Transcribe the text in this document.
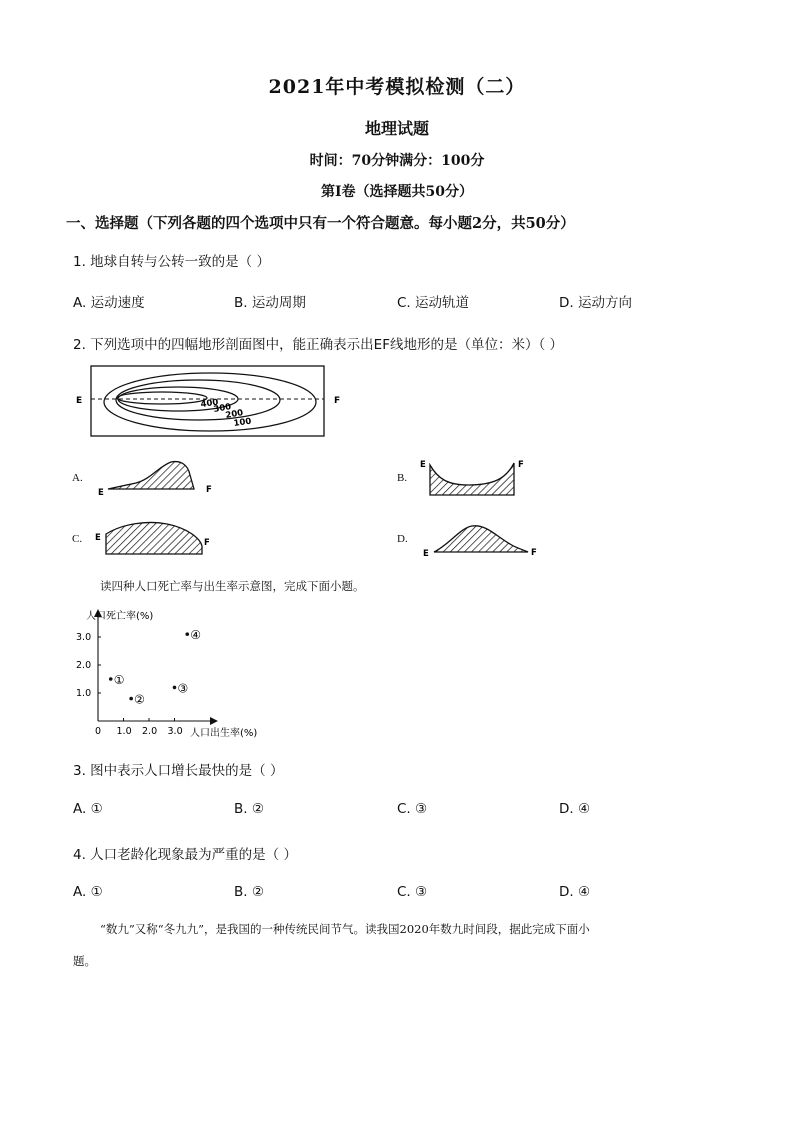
2021年中考模拟检测（二）
地理试题
时间：70分钟满分：100分
第Ⅰ卷（选择题共50分）
一、选择题（下列各题的四个选项中只有一个符合题意。每小题2分，共50分）
1. 地球自转与公转一致的是（ ）
A. 运动速度	B. 运动周期	C. 运动轨道	D. 运动方向
2. 下列选项中的四幅地形剖面图中，能正确表示出EF线地形的是（单位：米）（ ）
E	F
400
300
200
100
A.
E	F
B.
E	F
C. E	F	D.
E	F
读四种人口死亡率与出生率示意图，完成下面小题。
人口死亡率(%)
人口出生率(%)
0 1.0 2.0 3.0
3.0
2.0
1.0
①
②
③
④
3. 图中表示人口增长最快的是（ ）
A. ①	B. ②	C. ③	D. ④
4. 人口老龄化现象最为严重的是（ ）
A. ①	B. ②	C. ③	D. ④
“数九”又称“冬九九”，是我国的一种传统民间节气。读我国2020年数九时间段，据此完成下面小
题。
